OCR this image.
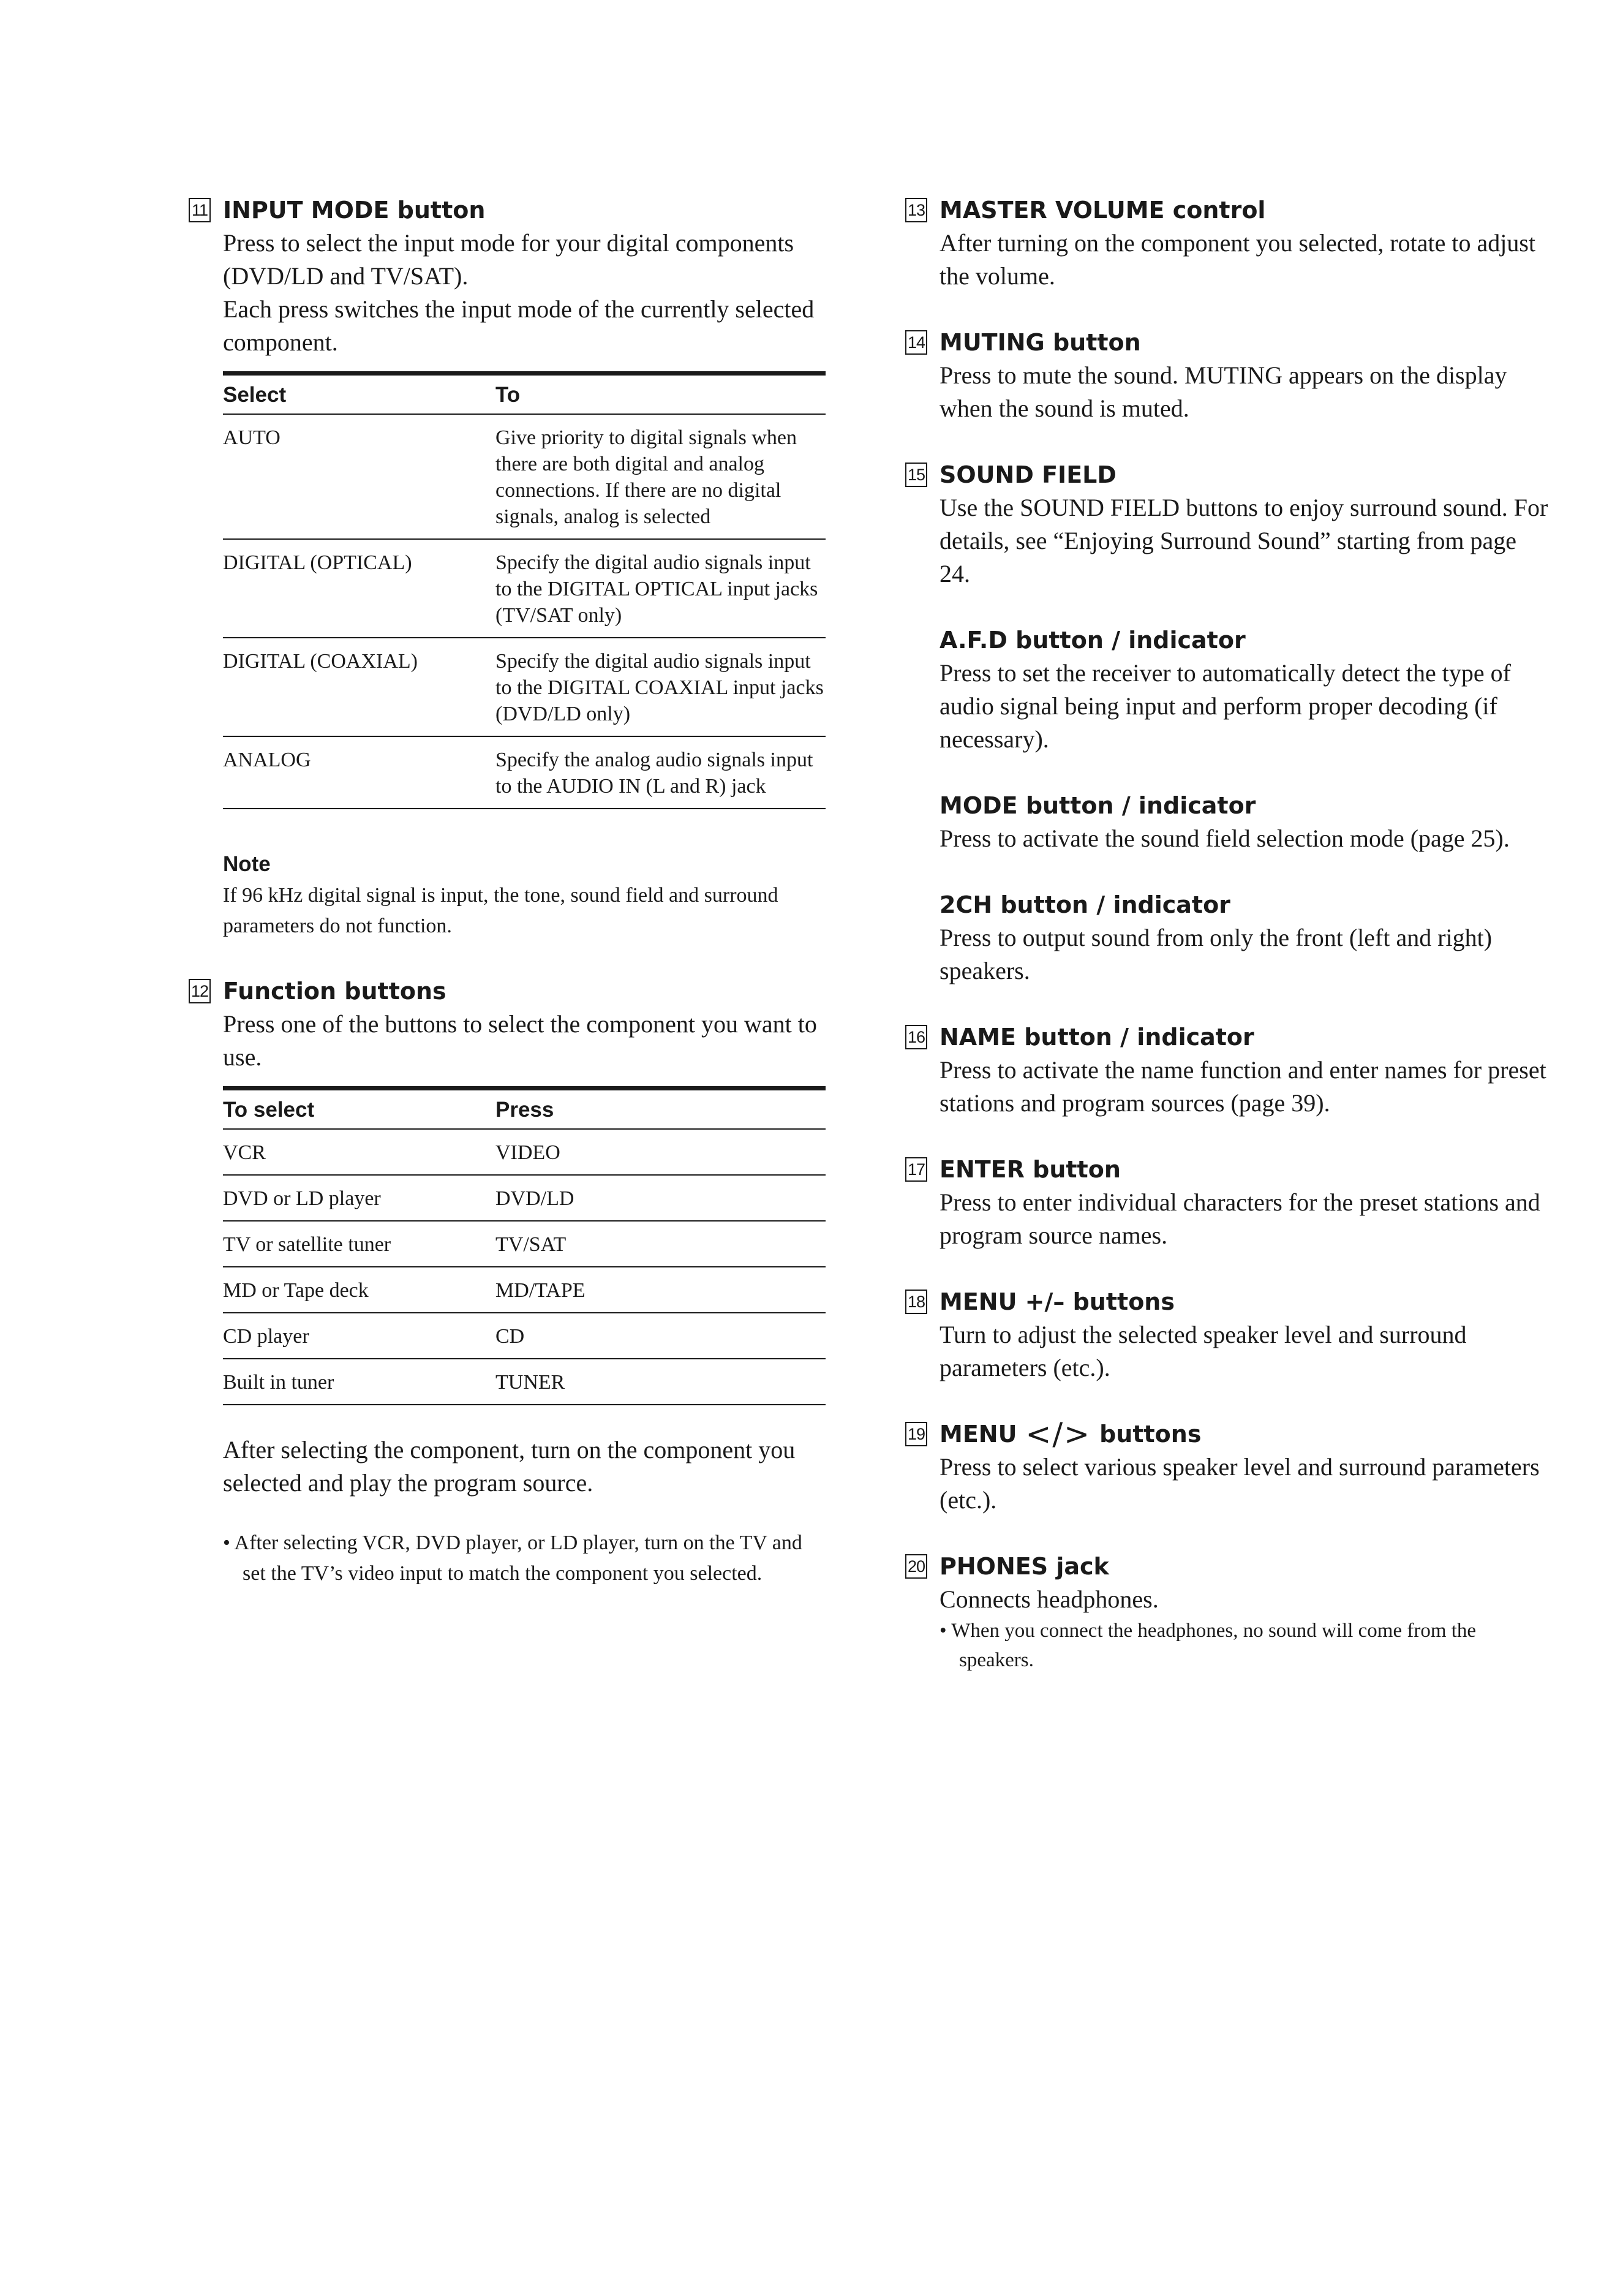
11 INPUT MODE button
Press to select the input mode for your digital components (DVD/LD and TV/SAT).
Each press switches the input mode of the currently selected component.
Select	To
AUTO	Give priority to digital signals when there are both digital and analog connections. If there are no digital signals, analog is selected
DIGITAL (OPTICAL)	Specify the digital audio signals input to the DIGITAL OPTICAL input jacks (TV/SAT only)
DIGITAL (COAXIAL)	Specify the digital audio signals input to the DIGITAL COAXIAL input jacks (DVD/LD only)
ANALOG	Specify the analog audio signals input to the AUDIO IN (L and R) jack
Note
If 96 kHz digital signal is input, the tone, sound field and surround parameters do not function.
12 Function buttons
Press one of the buttons to select the component you want to use.
To select	Press
VCR	VIDEO
DVD or LD player	DVD/LD
TV or satellite tuner	TV/SAT
MD or Tape deck	MD/TAPE
CD player	CD
Built in tuner	TUNER
After selecting the component, turn on the component you selected and play the program source.
• After selecting VCR, DVD player, or LD player, turn on the TV and set the TV’s video input to match the component you selected.
13 MASTER VOLUME control
After turning on the component you selected, rotate to adjust the volume.
14 MUTING button
Press to mute the sound. MUTING appears on the display when the sound is muted.
15 SOUND FIELD
Use the SOUND FIELD buttons to enjoy surround sound. For details, see “Enjoying Surround Sound” starting from page 24.
A.F.D button / indicator
Press to set the receiver to automatically detect the type of audio signal being input and perform proper decoding (if necessary).
MODE button / indicator
Press to activate the sound field selection mode (page 25).
2CH button / indicator
Press to output sound from only the front (left and right) speakers.
16 NAME button / indicator
Press to activate the name function and enter names for preset stations and program sources (page 39).
17 ENTER button
Press to enter individual characters for the preset stations and program source names.
18 MENU +/– buttons
Turn to adjust the selected speaker level and surround parameters (etc.).
19 MENU </> buttons
Press to select various speaker level and surround parameters (etc.).
20 PHONES jack
Connects headphones.
• When you connect the headphones, no sound will come from the speakers.
